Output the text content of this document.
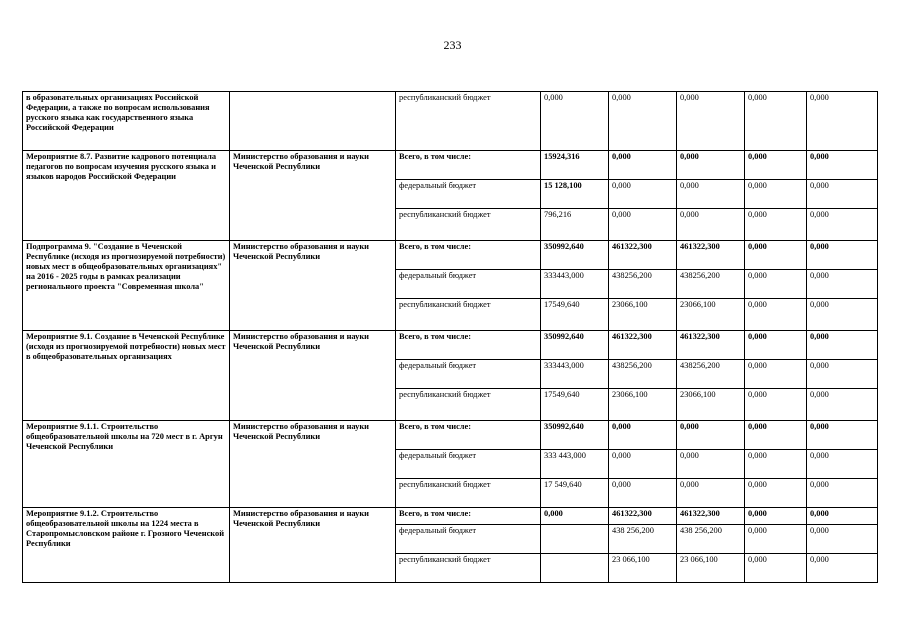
233
в образовательных организациях Российской Федерации, а также по вопросам использования русского языка как государственного языка Российской Федерации		республиканский бюджет	0,000	0,000	0,000	0,000	0,000
Мероприятие 8.7. Развитие кадрового потенциала педагогов по вопросам изучения русского языка и языков народов Российской Федерации	Министерство образования и науки Чеченской Республики	Всего, в том числе:	15924,316	0,000	0,000	0,000	0,000
		федеральный бюджет	15 128,100	0,000	0,000	0,000	0,000
		республиканский бюджет	796,216	0,000	0,000	0,000	0,000
Подпрограмма 9. "Создание в Чеченской Республике (исходя из прогнозируемой потребности) новых мест в общеобразовательных организациях" на 2016 - 2025 годы в рамках реализации регионального проекта "Современная школа"	Министерство образования и науки Чеченской Республики	Всего, в том числе:	350992,640	461322,300	461322,300	0,000	0,000
		федеральный бюджет	333443,000	438256,200	438256,200	0,000	0,000
		республиканский бюджет	17549,640	23066,100	23066,100	0,000	0,000
Мероприятие 9.1. Создание в Чеченской Республике (исходя из прогнозируемой потребности) новых мест в общеобразовательных организациях	Министерство образования и науки Чеченской Республики	Всего, в том числе:	350992,640	461322,300	461322,300	0,000	0,000
		федеральный бюджет	333443,000	438256,200	438256,200	0,000	0,000
		республиканский бюджет	17549,640	23066,100	23066,100	0,000	0,000
Мероприятие 9.1.1. Строительство общеобразовательной школы на 720 мест в г. Аргун Чеченской Республики	Министерство образования и науки Чеченской Республики	Всего, в том числе:	350992,640	0,000	0,000	0,000	0,000
		федеральный бюджет	333 443,000	0,000	0,000	0,000	0,000
		республиканский бюджет	17 549,640	0,000	0,000	0,000	0,000
Мероприятие 9.1.2. Строительство общеобразовательной школы на 1224 места в Старопромысловском районе г. Грозного Чеченской Республики	Министерство образования и науки Чеченской Республики	Всего, в том числе:	0,000	461322,300	461322,300	0,000	0,000
		федеральный бюджет		438 256,200	438 256,200	0,000	0,000
		республиканский бюджет		23 066,100	23 066,100	0,000	0,000
